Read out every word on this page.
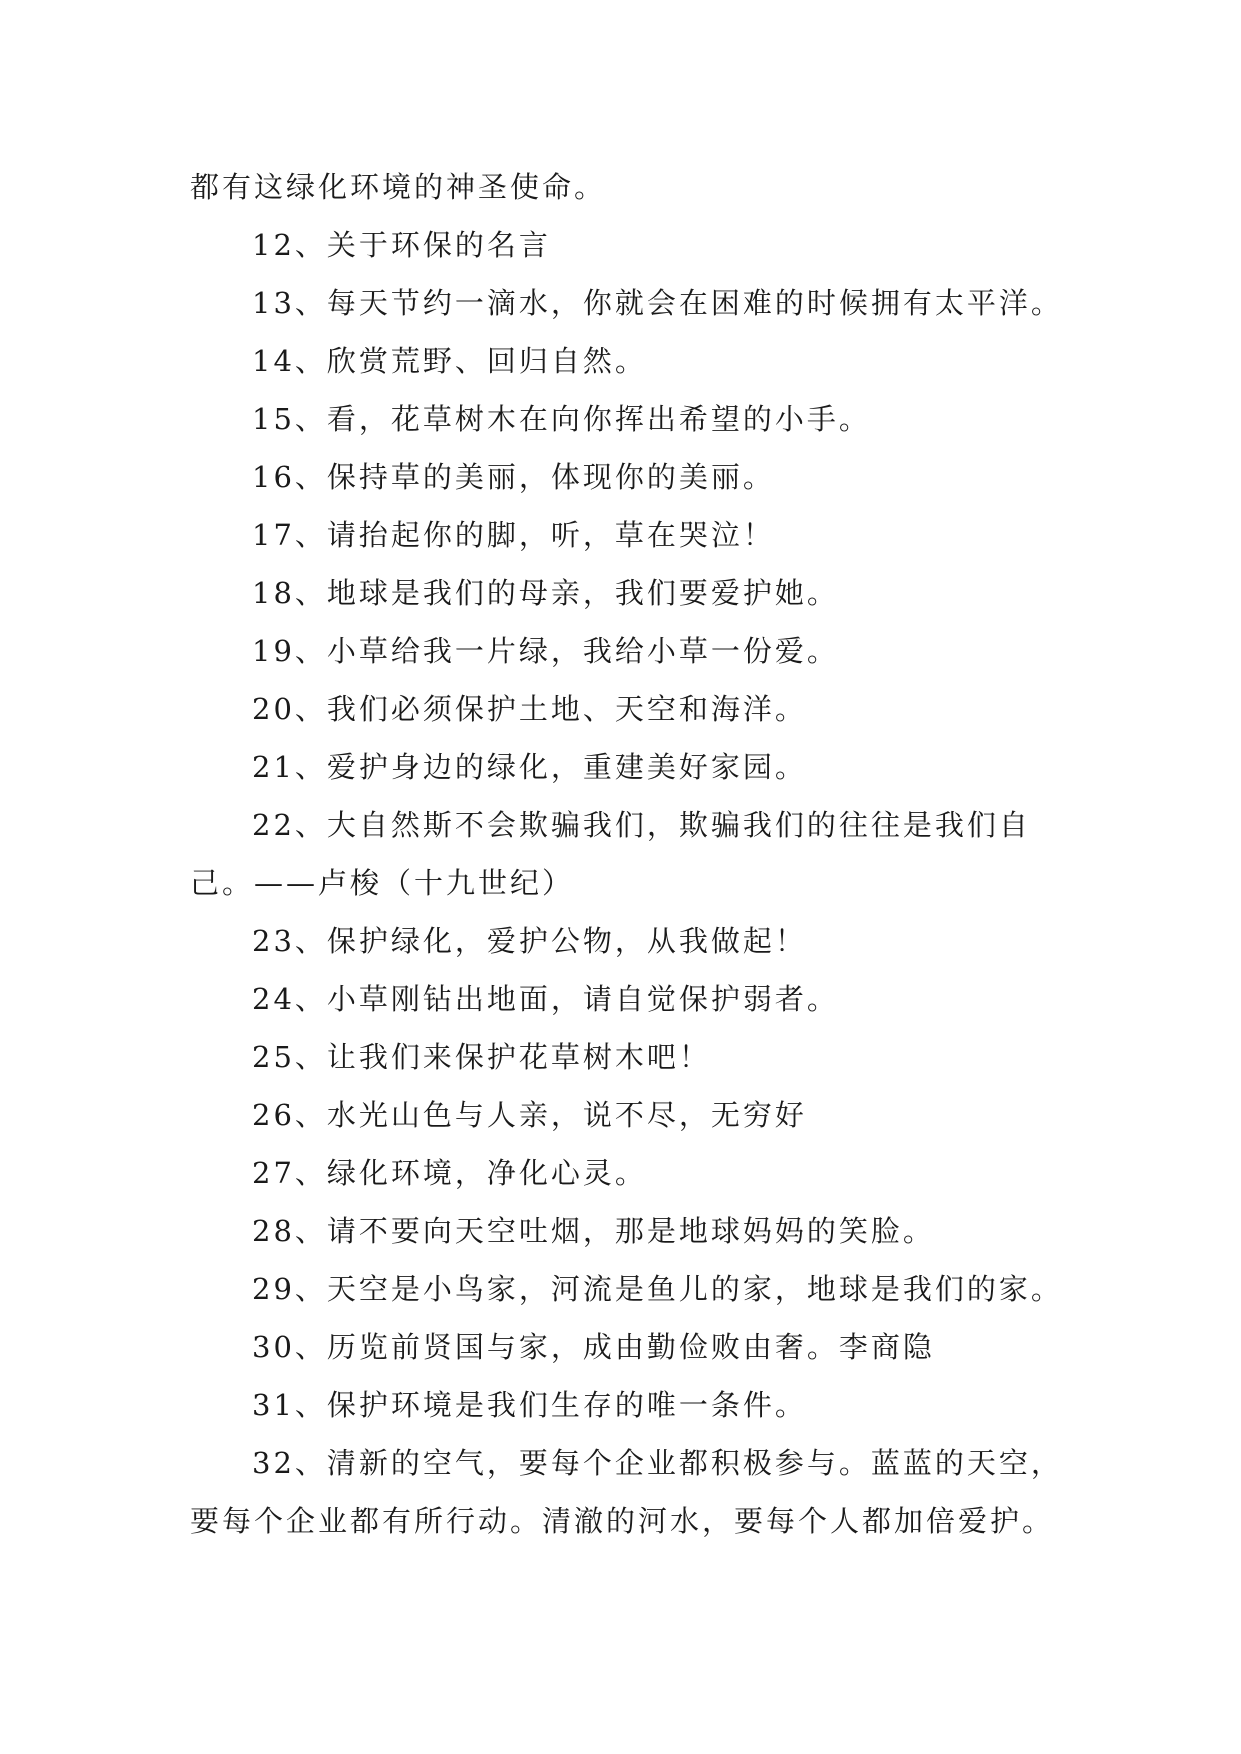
都有这绿化环境的神圣使命。
12、关于环保的名言
13、每天节约一滴水，你就会在困难的时候拥有太平洋。
14、欣赏荒野、回归自然。
15、看，花草树木在向你挥出希望的小手。
16、保持草的美丽，体现你的美丽。
17、请抬起你的脚，听，草在哭泣！
18、地球是我们的母亲，我们要爱护她。
19、小草给我一片绿，我给小草一份爱。
20、我们必须保护土地、天空和海洋。
21、爱护身边的绿化，重建美好家园。
22、大自然斯不会欺骗我们，欺骗我们的往往是我们自
己。——卢梭（十九世纪）
23、保护绿化，爱护公物，从我做起！
24、小草刚钻出地面，请自觉保护弱者。
25、让我们来保护花草树木吧！
26、水光山色与人亲，说不尽，无穷好
27、绿化环境，净化心灵。
28、请不要向天空吐烟，那是地球妈妈的笑脸。
29、天空是小鸟家，河流是鱼儿的家，地球是我们的家。
30、历览前贤国与家，成由勤俭败由奢。李商隐
31、保护环境是我们生存的唯一条件。
32、清新的空气，要每个企业都积极参与。蓝蓝的天空，
要每个企业都有所行动。清澈的河水，要每个人都加倍爱护。
